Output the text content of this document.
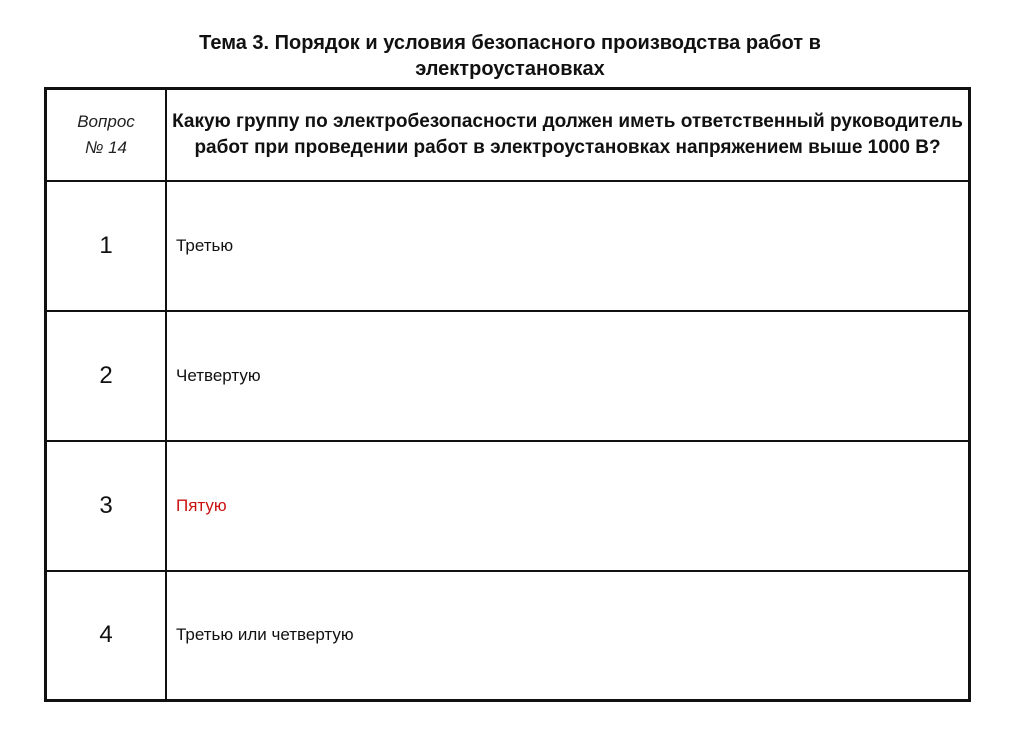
Тема 3. Порядок и условия безопасного производства работ в
электроустановках
Вопрос
№ 14	Какую группу по электробезопасности должен иметь ответственный руководитель работ при проведении работ в электроустановках напряжением выше 1000 В?
1	Третью
2	Четвертую
3	Пятую
4	Третью или четвертую
